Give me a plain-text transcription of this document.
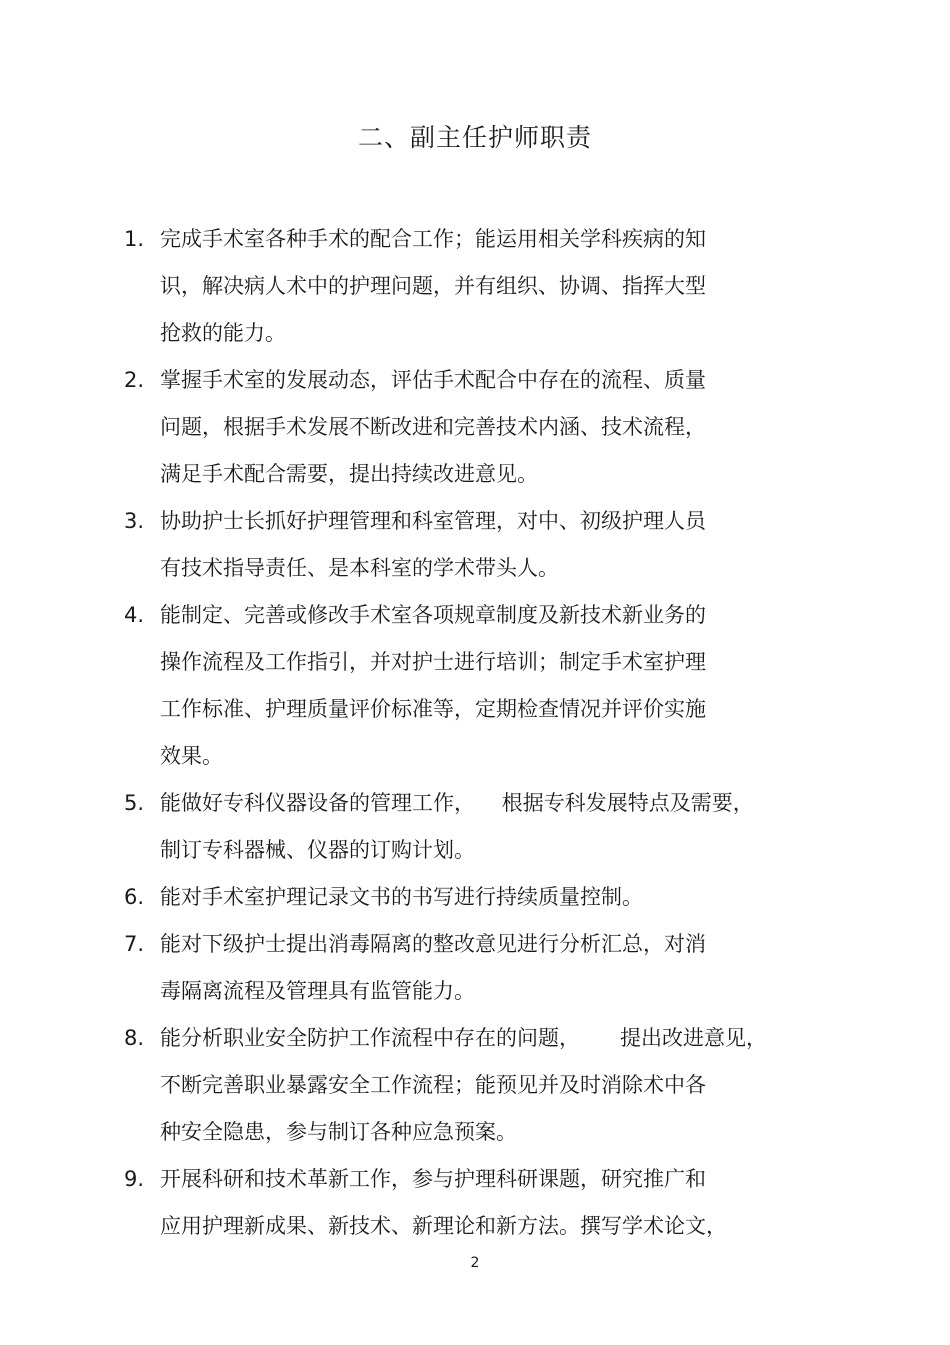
二、副主任护师职责
1. 完成手术室各种手术的配合工作；能运用相关学科疾病的知
识，解决病人术中的护理问题，并有组织、协调、指挥大型
抢救的能力。
2. 掌握手术室的发展动态，评估手术配合中存在的流程、质量
问题，根据手术发展不断改进和完善技术内涵、技术流程，
满足手术配合需要，提出持续改进意见。
3. 协助护士长抓好护理管理和科室管理，对中、初级护理人员
有技术指导责任、是本科室的学术带头人。
4. 能制定、完善或修改手术室各项规章制度及新技术新业务的
操作流程及工作指引，并对护士进行培训；制定手术室护理
工作标准、护理质量评价标准等，定期检查情况并评价实施
效果。
5. 能做好专科仪器设备的管理工作，    根据专科发展特点及需要，
制订专科器械、仪器的订购计划。
6. 能对手术室护理记录文书的书写进行持续质量控制。
7. 能对下级护士提出消毒隔离的整改意见进行分析汇总，对消
毒隔离流程及管理具有监管能力。
8. 能分析职业安全防护工作流程中存在的问题，      提出改进意见，
不断完善职业暴露安全工作流程；能预见并及时消除术中各
种安全隐患，参与制订各种应急预案。
9. 开展科研和技术革新工作，参与护理科研课题，研究推广和
应用护理新成果、新技术、新理论和新方法。撰写学术论文，
2
